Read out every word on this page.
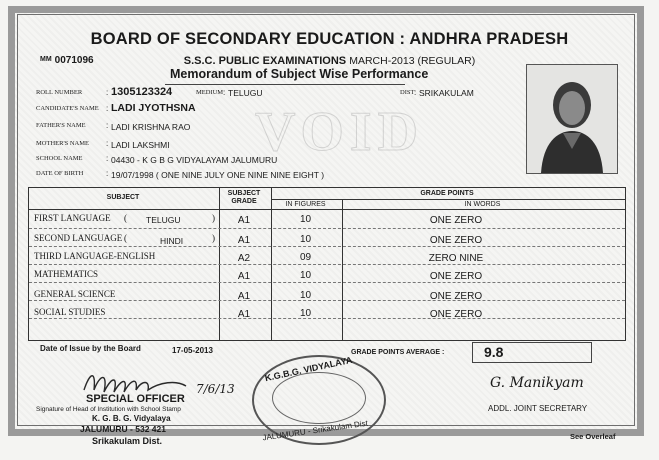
BOARD OF SECONDARY EDUCATION : ANDHRA PRADESH
$^{MM}$ 0071096	S.S.C. PUBLIC EXAMINATIONS MARCH-2013 (REGULAR)
Memorandum of Subject Wise Performance
VOID
ROLL NUMBER	: 1305123324	MEDIUM : TELUGU	DIST : SRIKAKULAM
CANDIDATE'S NAME : LADI JYOTHSNA
FATHER'S NAME	: LADI KRISHNA RAO
MOTHER'S NAME : LADI LAKSHMI
SCHOOL NAME	: 04430 - K G B G VIDYALAYAM JALUMURU
DATE OF BIRTH	: 19/07/1998 ( ONE NINE JULY ONE NINE NINE EIGHT )
SUBJECT
SUBJECT
GRADE
GRADE POINTS
IN FIGURES	IN WORDS
FIRST LANGUAGE ( TELUGU	)	A1	10	ONE ZERO
SECOND LANGUAGE (	HINDI	)	A1	10	ONE ZERO
THIRD LANGUAGE-ENGLISH	A2	09	ZERO NINE
MATHEMATICS	A1	10	ONE ZERO
GENERAL SCIENCE	A1	10	ONE ZERO
SOCIAL STUDIES	A1	10	ONE ZERO
Date of Issue by the Board	17-05-2013	GRADE POINTS AVERAGE :	9.8
7/6/13
SPECIAL OFFICER
Signature of Head of Institution with School Stamp
K. G. B. G. Vidyalaya
JALUMURU - 532 421
Srikakulam Dist.
K.G.B.G. VIDYALAYA
JALUMURU - Srikakulam Dist
G. Manikyam
ADDL. JOINT SECRETARY
See Overleaf
